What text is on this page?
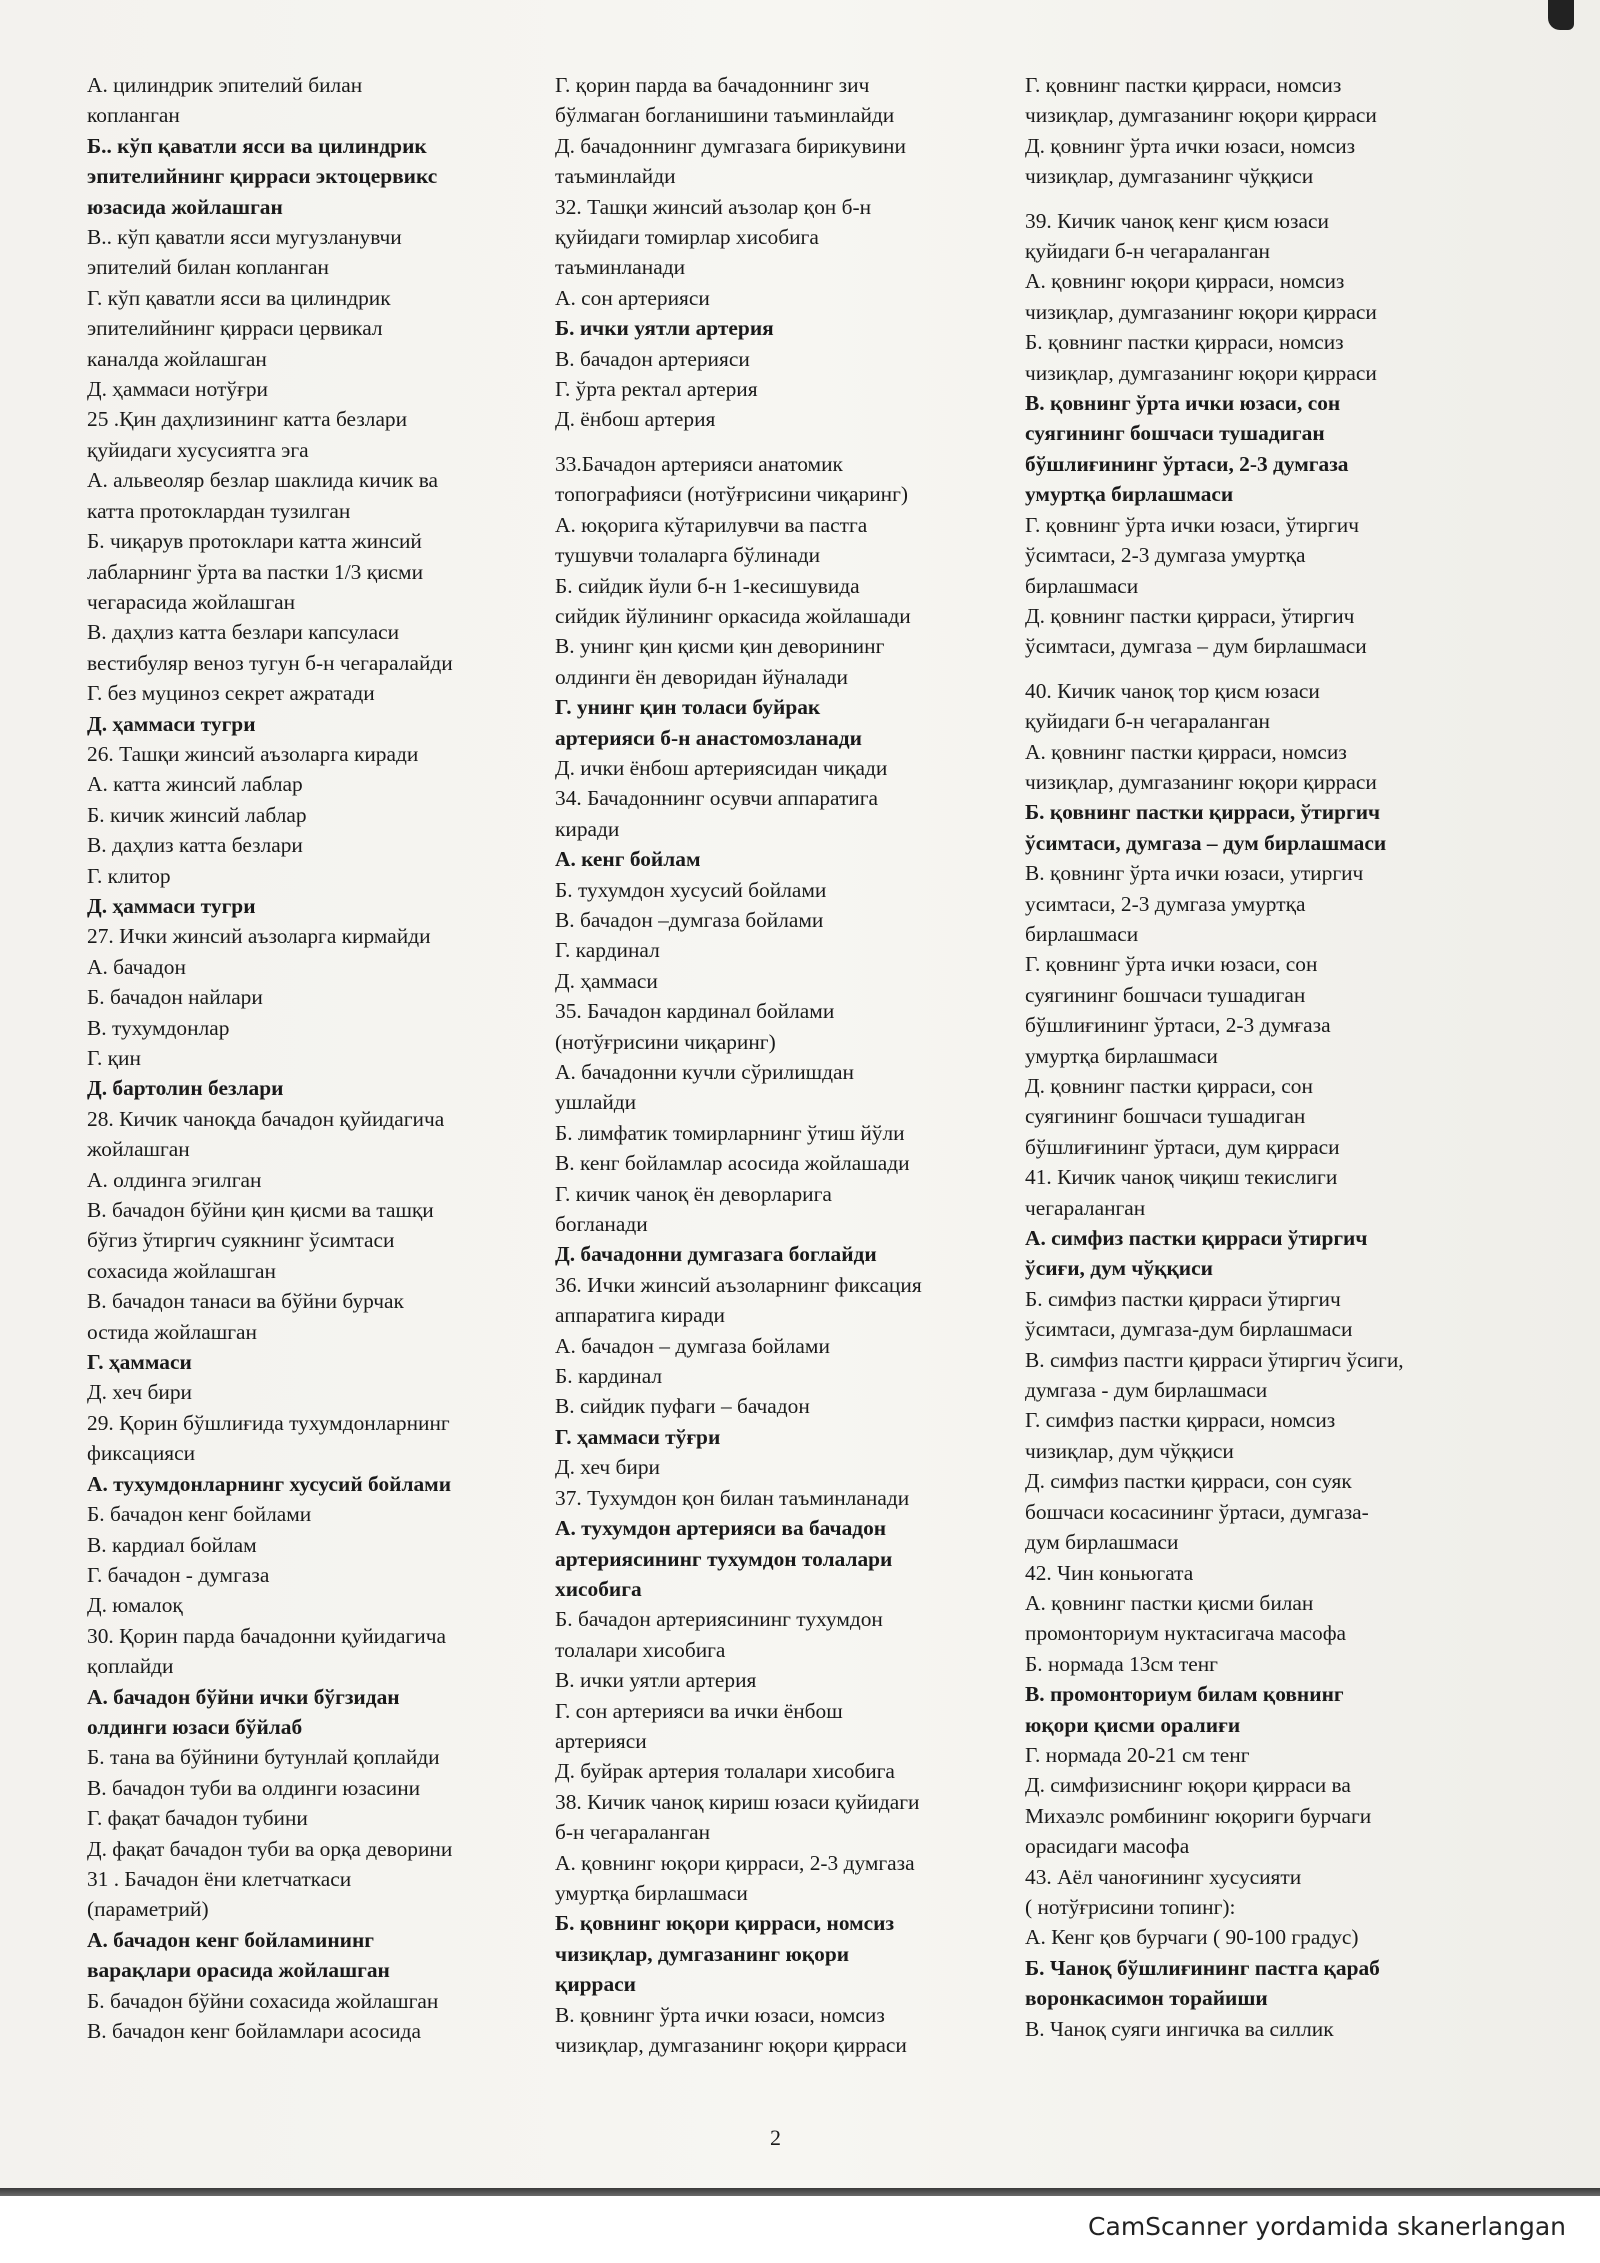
А. цилиндрик эпителий билан
копланган
Б.. кўп қаватли ясси ва цилиндрик
эпителийнинг қирраси эктоцервикс
юзасида жойлашган
В.. кўп қаватли ясси мугузланувчи
эпителий билан копланган
Г. кўп қаватли ясси ва цилиндрик
эпителийнинг қирраси цервикал
каналда жойлашган
Д. ҳаммаси нотўғри
25 .Қин даҳлизининг катта безлари
қуйидаги хусусиятга эга
А. альвеоляр безлар шаклида кичик ва
катта протоклардан тузилган
Б. чиқарув протоклари катта жинсий
лабларнинг ўрта ва пастки 1/3 қисми
чегарасида жойлашган
В. даҳлиз катта безлари капсуласи
вестибуляр веноз тугун б-н чегаралайди
Г. без муциноз секрет ажратади
Д. ҳаммаси тугри
26. Ташқи жинсий аъзоларга киради
А. катта жинсий лаблар
Б. кичик жинсий лаблар
В. даҳлиз катта безлари
Г. клитор
Д. ҳаммаси тугри
27. Ички жинсий аъзоларга кирмайди
А. бачадон
Б. бачадон найлари
В. тухумдонлар
Г. қин
Д. бартолин безлари
28. Кичик чаноқда бачадон қуйидагича
жойлашган
А. олдинга эгилган
В. бачадон бўйни қин қисми ва ташқи
бўгиз ўтиргич суякнинг ўсимтаси
сохасида жойлашган
В. бачадон танаси ва бўйни бурчак
остида жойлашган
Г. ҳаммаси
Д. хеч бири
29. Қорин бўшлиғида тухумдонларнинг
фиксацияси
А. тухумдонларнинг хусусий бойлами
Б. бачадон кенг бойлами
В. кардиал бойлам
Г. бачадон - думгаза
Д. юмалоқ
30. Қорин парда бачадонни қуйидагича
қоплайди
А. бачадон бўйни ички бўгзидан
олдинги юзаси бўйлаб
Б. тана ва бўйнини бутунлай қоплайди
В. бачадон туби ва олдинги юзасини
Г. фақат бачадон тубини
Д. фақат бачадон туби ва орқа деворини
31 . Бачадон ёни клетчаткаси
(параметрий)
А. бачадон кенг бойламининг
варақлари орасида жойлашган
Б. бачадон бўйни сохасида жойлашган
В. бачадон кенг бойламлари асосида
Г. қорин парда ва бачадоннинг зич
бўлмаган богланишини таъминлайди
Д. бачадоннинг думгазага бирикувини
таъминлайди
32. Ташқи жинсий аъзолар қон б-н
қуйидаги томирлар хисобига
таъминланади
А. сон артерияси
Б. ички уятли артерия
В. бачадон артерияси
Г. ўрта ректал артерия
Д. ёнбош артерия
33.Бачадон артерияси анатомик
топографияси (нотўғрисини чиқаринг)
А. юқорига кўтарилувчи ва пастга
тушувчи толаларга бўлинади
Б. сийдик йули б-н 1-кесишувида
сийдик йўлининг оркасида жойлашади
В. унинг қин қисми қин деворининг
олдинги ён девoридан йўналади
Г. унинг қин толаси буйрак
артерияси б-н анастомозланади
Д. ички ёнбош артериясидан чиқади
34. Бачадоннинг осувчи аппаратига
киради
А. кенг бойлам
Б. тухумдон хусусий бойлами
В. бачадон –думгаза бойлами
Г. кардинал
Д. ҳаммаси
35. Бачадон кардинал бойлами
(нотўғрисини чиқаринг)
А. бачадонни кучли сўрилишдан
ушлайди
Б. лимфатик томирларнинг ўтиш йўли
В. кенг бойламлар асосида жойлашади
Г. кичик чаноқ ён деворларига
богланади
Д. бачадонни думгазага боглайди
36. Ички жинсий аъзоларнинг фиксация
аппаратига киради
А. бачадон – думгаза бойлами
Б. кардинал
В. сийдик пуфаги – бачадон
Г. ҳаммаси тўғри
Д. хеч бири
37. Тухумдон қон билан таъминланади
А. тухумдон артерияси ва бачадон
артериясининг тухумдон толалари
хисобига
Б. бачадон артериясининг тухумдон
толалари хисобига
В. ички уятли артерия
Г. сон артерияси ва ички ёнбош
артерияси
Д. буйрак артерия толалари хисобига
38. Кичик чаноқ кириш юзаси қуйидаги
б-н чегараланган
А. қовнинг юқори қирраси, 2-3 думгаза
умуртқа бирлашмаси
Б. қовнинг юқори қирраси, номсиз
чизиқлар, думгазанинг юқори
қирраси
В. қовнинг ўрта ички юзаси, номсиз
чизиқлар, думгазанинг юқори қирраси
Г. қовнинг пастки қирраси, номсиз
чизиқлар, думгазанинг юқори қирраси
Д. қовнинг ўрта ички юзаси, номсиз
чизиқлар, думгазанинг чўққиси
39. Кичик чаноқ кенг қисм юзаси
қуйидаги б-н чегараланган
А. қовнинг юқори қирраси, номсиз
чизиқлар, думгазанинг юқори қирраси
Б. қовнинг пастки қирраси, номсиз
чизиқлар, думгазанинг юқори қирраси
В. қовнинг ўрта ички юзаси, сон
суягининг бошчаси тушадиган
бўшлиғининг ўртаси, 2-3 думгаза
умуртқа бирлашмаси
Г. қовнинг ўрта ички юзаси, ўтиргич
ўсимтаси, 2-3 думгаза умуртқа
бирлашмаси
Д. қовнинг пастки қирраси, ўтиргич
ўсимтаси, думгаза – дум бирлашмаси
40. Кичик чаноқ тор қисм юзаси
қуйидаги б-н чегараланган
А. қовнинг пастки қирраси, номсиз
чизиқлар, думгазанинг юқори қирраси
Б. қовнинг пастки қирраси, ўтиргич
ўсимтаси, думгаза – дум бирлашмаси
В. қовнинг ўрта ички юзаси, утиргич
усимтаси, 2-3 думгаза умуртқа
бирлашмаси
Г. қовнинг ўрта ички юзаси, сон
суягининг бошчаси тушадиган
бўшлиғининг ўртаси, 2-3 думғаза
умуртқа бирлашмаси
Д. қовнинг пастки қирраси, сон
суягининг бошчаси тушадиган
бўшлиғининг ўртаси, дум қирраси
41. Кичик чаноқ чиқиш текислиги
чегараланган
А. симфиз пастки қирраси ўтиргич
ўсиғи, дум чўққиси
Б. симфиз пастки қирраси ўтиргич
ўсимтаси, думгаза-дум бирлашмаси
В. симфиз пастги қирраси ўтиргич ўсиги,
думгаза - дум бирлашмаси
Г. симфиз пастки қирраси, номсиз
чизиқлар, дум чўққиси
Д. симфиз пастки қирраси, сон суяк
бошчаси косасининг ўртаси, думгаза-
дум бирлашмаси
42. Чин коньюгата
А. қовнинг пастки қисми билан
промонториум нуктасигача масофа
Б. нормада 13см тенг
В. промонториум билам қовнинг
юқори қисми оралиғи
Г. нормада 20-21 см тенг
Д. симфизиснинг юқори қирраси ва
Михаэлс ромбининг юқориги бурчаги
орасидаги масофа
43. Аёл чаноғининг хусусияти
( нотўғрисини топинг):
А. Кенг қов бурчаги ( 90-100 градус)
Б. Чаноқ бўшлиғининг пастга қараб
воронкасимон торайиши
В. Чаноқ суяги ингичка ва силлик
2
CamScanner yordamida skanerlangan
